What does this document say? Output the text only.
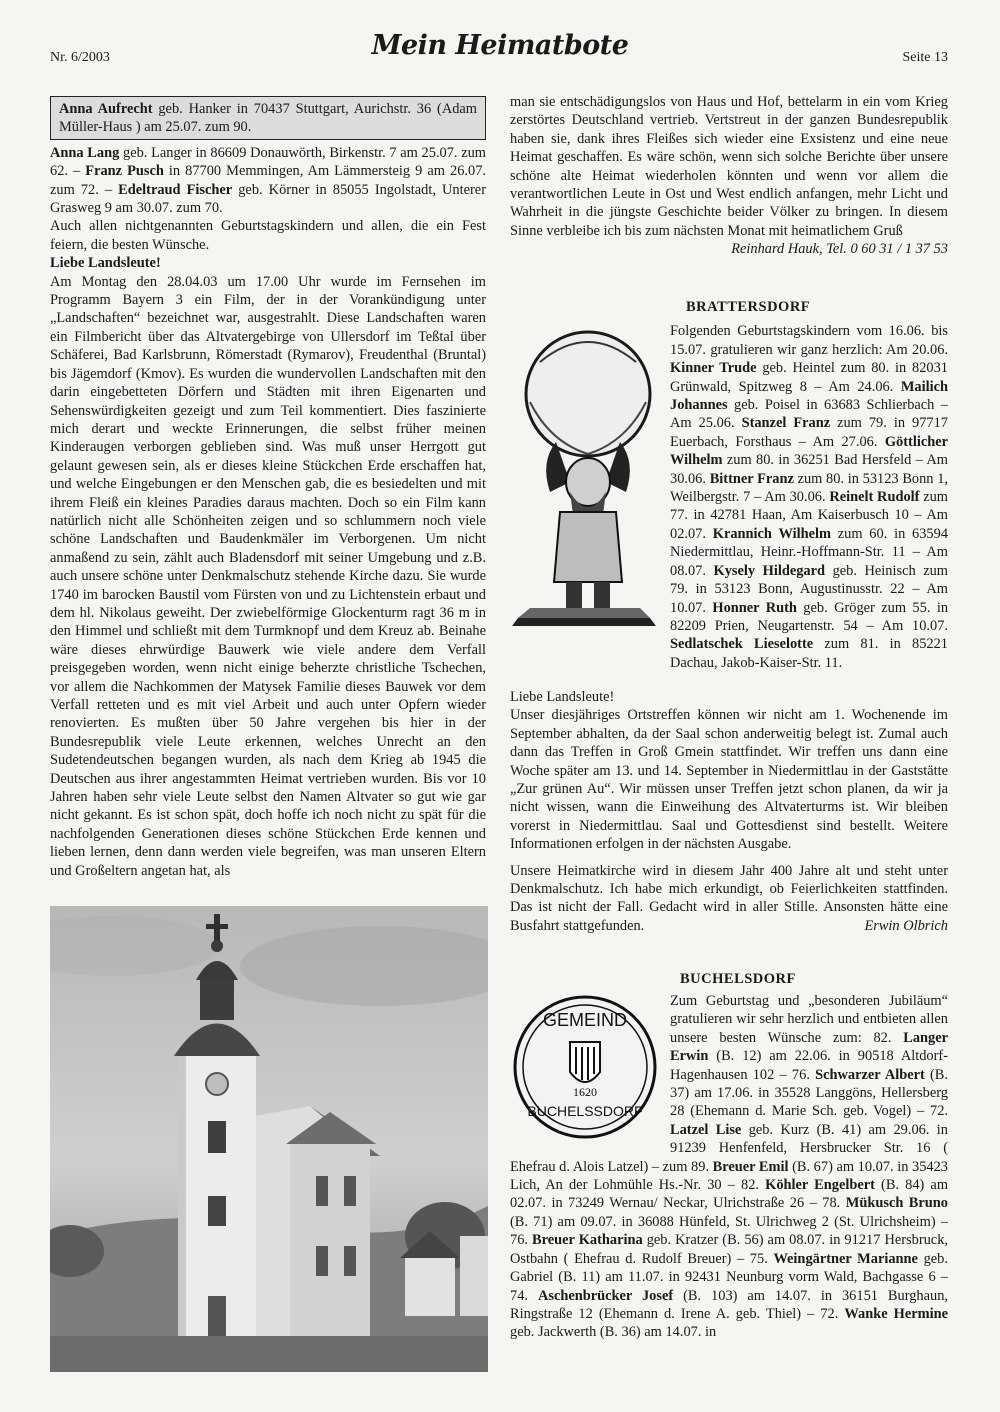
Nr. 6/2003	Mein Heimatbote	Seite 13
Anna Aufrecht geb. Hanker in 70437 Stuttgart, Aurichstr. 36 (Adam Müller-Haus ) am 25.07. zum 90.

Anna Lang geb. Langer in 86609 Donauwörth, Birkenstr. 7 am 25.07. zum 62. – Franz Pusch in 87700 Memmingen, Am Lämmersteig 9 am 26.07. zum 72. – Edeltraud Fischer geb. Körner in 85055 Ingolstadt, Unterer Grasweg 9 am 30.07. zum 70.

Auch allen nichtgenannten Geburtstagskindern und allen, die ein Fest feiern, die besten Wünsche.

Liebe Landsleute!

Am Montag den 28.04.03 um 17.00 Uhr wurde im Fernsehen im Programm Bayern 3 ein Film, der in der Vorankündigung unter „Landschaften“ bezeichnet war, ausgestrahlt. Diese Landschaften waren ein Filmbericht über das Altvatergebirge von Ullersdorf im Teßtal über Schäferei, Bad Karlsbrunn, Römerstadt (Rymarov), Freudenthal (Bruntal) bis Jägemdorf (Kmov). Es wurden die wundervollen Landschaften mit den darin eingebetteten Dörfern und Städten mit ihren Eigenarten und Sehenswürdigkeiten gezeigt und zum Teil kommentiert. Dies faszinierte mich derart und weckte Erinnerungen, die selbst früher meinen Kinderaugen verborgen geblieben sind. Was muß unser Herrgott gut gelaunt gewesen sein, als er dieses kleine Stückchen Erde erschaffen hat, und welche Eingebungen er den Menschen gab, die es besiedelten und mit ihrem Fleiß ein kleines Paradies daraus machten. Doch so ein Film kann natürlich nicht alle Schönheiten zeigen und so schlummern noch viele schöne Landschaften und Baudenkmäler im Verborgenen. Um nicht anmaßend zu sein, zählt auch Bladensdorf mit seiner Umgebung und z.B. auch unsere schöne unter Denkmalschutz stehende Kirche dazu. Sie wurde 1740 im barocken Baustil vom Fürsten von und zu Lichtenstein erbaut und dem hl. Nikolaus geweiht. Der zwiebelförmige Glockenturm ragt 36 m in den Himmel und schließt mit dem Turmknopf und dem Kreuz ab. Beinahe wäre dieses ehrwürdige Bauwerk wie viele andere dem Verfall preisgegeben worden, wenn nicht einige beherzte christliche Tschechen, vor allem die Nachkommen der Matysek Familie dieses Bauwek vor dem Verfall retteten und es mit viel Arbeit und auch unter Opfern wieder renovierten. Es mußten über 50 Jahre vergehen bis hier in der Bundesrepublik viele Leute erkennen, welches Unrecht an den Sudetendeutschen begangen wurden, als nach dem Krieg ab 1945 die Deutschen aus ihrer angestammten Heimat vertrieben wurden. Bis vor 10 Jahren haben sehr viele Leute selbst den Namen Altvater so gut wie gar nicht gekannt. Es ist schon spät, doch hoffe ich noch nicht zu spät für die nachfolgenden Generationen dieses schöne Stückchen Erde kennen und lieben lernen, denn dann werden viele begreifen, was man unseren Eltern und Großeltern angetan hat, als

man sie entschädigungslos von Haus und Hof, bettelarm in ein vom Krieg zerstörtes Deutschland vertrieb. Vertstreut in der ganzen Bundesrepublik haben sie, dank ihres Fleißes sich wieder eine Exsistenz und eine neue Heimat geschaffen. Es wäre schön, wenn sich solche Berichte über unsere schöne alte Heimat wiederholen könnten und wenn vor allem die verantwortlichen Leute in Ost und West endlich anfangen, mehr Licht und Wahrheit in die jüngste Geschichte beider Völker zu bringen. In diesem Sinne verbleibe ich bis zum nächsten Monat mit heimatlichem Gruß

Reinhard Hauk, Tel. 0 60 31 / 1 37 53

BRATTERSDORF

Folgenden Geburtstagskindern vom 16.06. bis 15.07. gratulieren wir ganz herzlich: Am 20.06. Kinner Trude geb. Heintel zum 80. in 82031 Grünwald, Spitzweg 8 – Am 24.06. Mailich Johannes geb. Poisel in 63683 Schlierbach – Am 25.06. Stanzel Franz zum 79. in 97717 Euerbach, Forsthaus – Am 27.06. Göttlicher Wilhelm zum 80. in 36251 Bad Hersfeld – Am 30.06. Bittner Franz zum 80. in 53123 Bonn 1, Weilbergstr. 7 – Am 30.06. Reinelt Rudolf zum 77. in 42781 Haan, Am Kaiserbusch 10 – Am 02.07. Krannich Wilhelm zum 60. in 63594 Niedermittlau, Heinr.-Hoffmann-Str. 11 – Am 08.07. Kysely Hildegard geb. Heinisch zum 79. in 53123 Bonn, Augustinusstr. 22 – Am 10.07. Honner Ruth geb. Gröger zum 55. in 82209 Prien, Neugartenstr. 54 – Am 10.07. Sedlatschek Lieselotte zum 81. in 85221 Dachau, Jakob-Kaiser-Str. 11.

Liebe Landsleute!

Unser diesjähriges Ortstreffen können wir nicht am 1. Wochenende im September abhalten, da der Saal schon anderweitig belegt ist. Zumal auch dann das Treffen in Groß Gmein stattfindet. Wir treffen uns dann eine Woche später am 13. und 14. September in Niedermittlau in der Gaststätte „Zur grünen Au“. Wir müssen unser Treffen jetzt schon planen, da wir ja nicht wissen, wann die Einweihung des Altvaterturms ist. Wir bleiben vorerst in Niedermittlau. Saal und Gottesdienst sind bestellt. Weitere Informationen erfolgen in der nächsten Ausgabe.

Unsere Heimatkirche wird in diesem Jahr 400 Jahre alt und steht unter Denkmalschutz. Ich habe mich erkundigt, ob Feierlichkeiten stattfinden. Das ist nicht der Fall. Gedacht wird in aller Stille. Ansonsten hätte eine Busfahrt stattgefunden.	Erwin Olbrich

GEMEIND
BUCHELSSDORF
1620
BUCHELSDORF

Zum Geburtstag und „besonderen Jubiläum“ gratulieren wir sehr herzlich und entbieten allen unsere besten Wünsche zum: 82. Langer Erwin (B. 12) am 22.06. in 90518 Altdorf-Hagenhausen 102 – 76. Schwarzer Albert (B. 37) am 17.06. in 35528 Langgöns, Hellersberg 28 (Ehemann d. Marie Sch. geb. Vogel) – 72. Latzel Lise geb. Kurz (B. 41) am 29.06. in 91239 Henfenfeld, Hersbrucker Str. 16 ( Ehefrau d. Alois Latzel) – zum 89. Breuer Emil (B. 67) am 10.07. in 35423 Lich, An der Lohmühle Hs.-Nr. 30 – 82. Köhler Engelbert (B. 84) am 02.07. in 73249 Wernau/ Neckar, Ulrichstraße 26 – 78. Mükusch Bruno (B. 71) am 09.07. in 36088 Hünfeld, St. Ulrichweg 2 (St. Ulrichsheim) – 76. Breuer Katharina geb. Kratzer (B. 56) am 08.07. in 91217 Hersbruck, Ostbahn ( Ehefrau d. Rudolf Breuer) – 75. Weingärtner Marianne geb. Gabriel (B. 11) am 11.07. in 92431 Neunburg vorm Wald, Bachgasse 6 – 74. Aschenbrücker Josef (B. 103) am 14.07. in 36151 Burghaun, Ringstraße 12 (Ehemann d. Irene A. geb. Thiel) – 72. Wanke Hermine geb. Jackwerth (B. 36) am 14.07. in
